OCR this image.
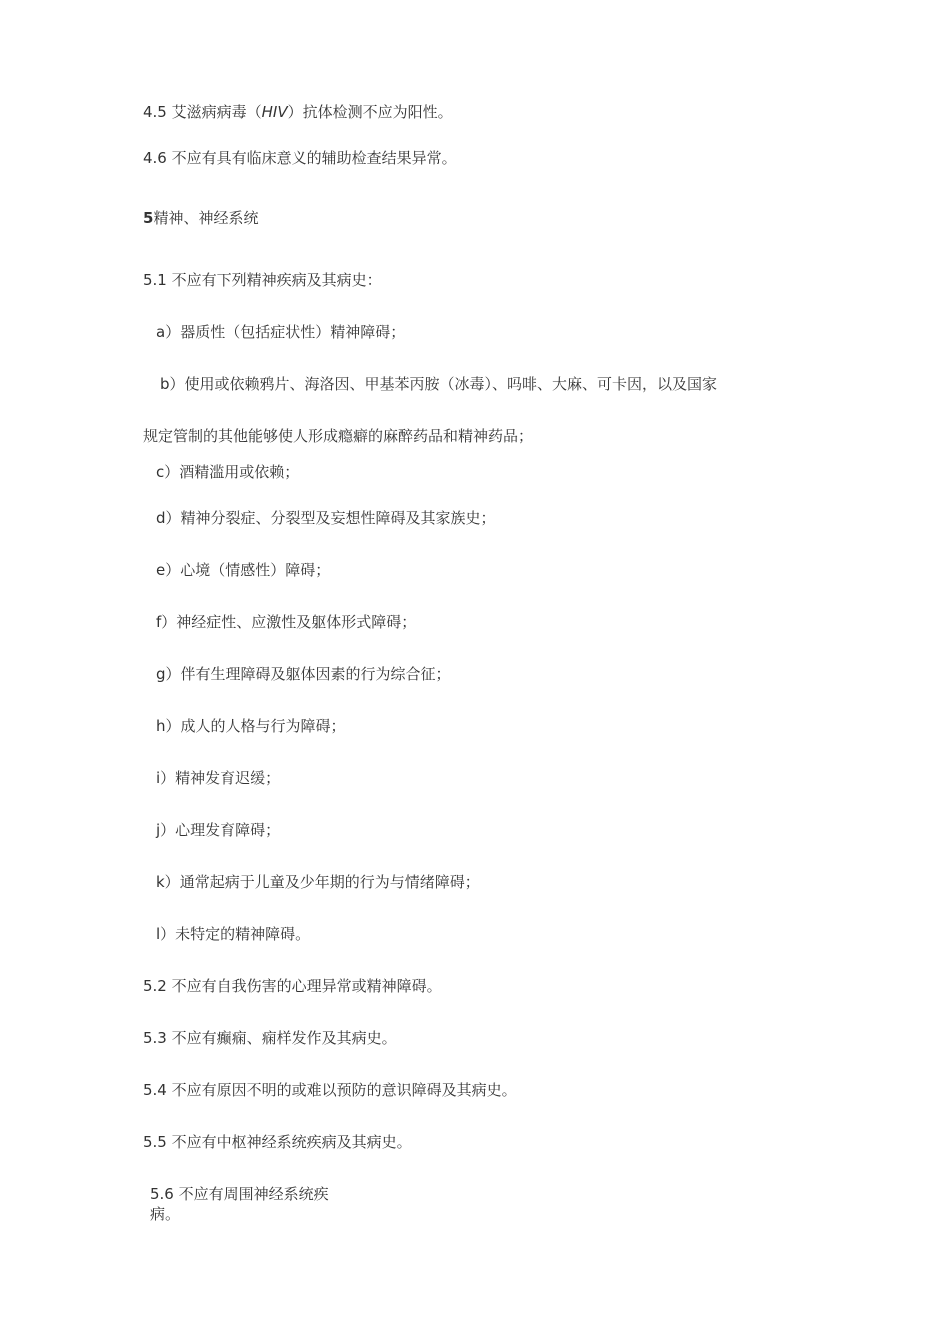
4.5 艾滋病病毒（HIV）抗体检测不应为阳性。
4.6 不应有具有临床意义的辅助检查结果异常。
5精神、神经系统
5.1 不应有下列精神疾病及其病史：
a）器质性（包括症状性）精神障碍；
b）使用或依赖鸦片、海洛因、甲基苯丙胺（冰毒）、吗啡、大麻、可卡因，以及国家
规定管制的其他能够使人形成瘾癖的麻醉药品和精神药品；
c）酒精滥用或依赖；
d）精神分裂症、分裂型及妄想性障碍及其家族史；
e）心境（情感性）障碍；
f）神经症性、应激性及躯体形式障碍；
g）伴有生理障碍及躯体因素的行为综合征；
h）成人的人格与行为障碍；
i）精神发育迟缓；
j）心理发育障碍；
k）通常起病于儿童及少年期的行为与情绪障碍；
l）未特定的精神障碍。
5.2 不应有自我伤害的心理异常或精神障碍。
5.3 不应有癫痫、痫样发作及其病史。
5.4 不应有原因不明的或难以预防的意识障碍及其病史。
5.5 不应有中枢神经系统疾病及其病史。
5.6 不应有周围神经系统疾病。
